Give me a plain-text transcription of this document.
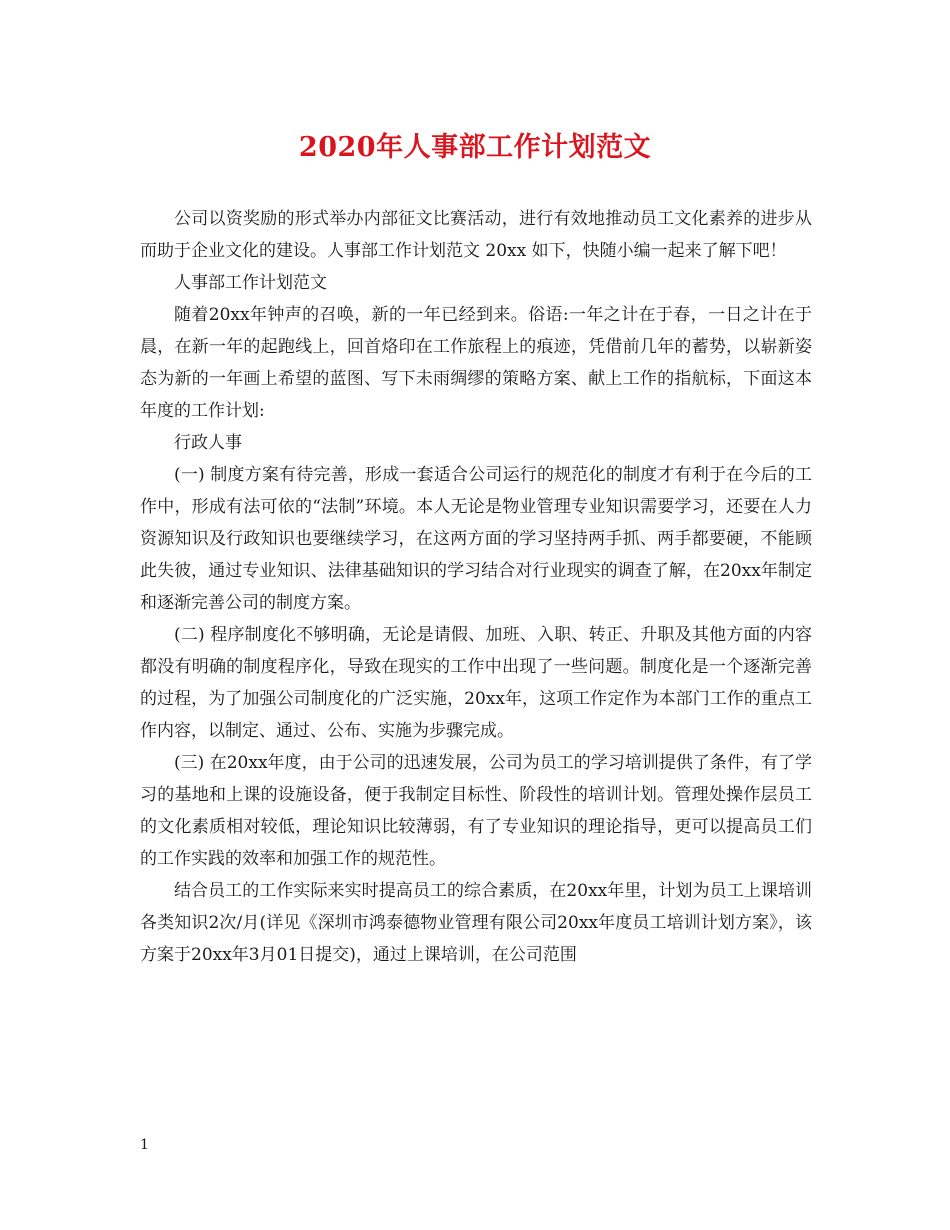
2020年人事部工作计划范文

公司以资奖励的形式举办内部征文比赛活动，进行有效地推动员工文化素养的进步从而助于企业文化的建设。人事部工作计划范文 20xx 如下，快随小编一起来了解下吧！

人事部工作计划范文

随着20xx年钟声的召唤，新的一年已经到来。俗语:一年之计在于春，一日之计在于晨，在新一年的起跑线上，回首烙印在工作旅程上的痕迹，凭借前几年的蓄势，以崭新姿态为新的一年画上希望的蓝图、写下未雨绸缪的策略方案、献上工作的指航标，下面这本年度的工作计划:

行政人事

(一) 制度方案有待完善，形成一套适合公司运行的规范化的制度才有利于在今后的工作中，形成有法可依的“法制”环境。本人无论是物业管理专业知识需要学习，还要在人力资源知识及行政知识也要继续学习，在这两方面的学习坚持两手抓、两手都要硬，不能顾此失彼，通过专业知识、法律基础知识的学习结合对行业现实的调查了解，在20xx年制定和逐渐完善公司的制度方案。

(二) 程序制度化不够明确，无论是请假、加班、入职、转正、升职及其他方面的内容都没有明确的制度程序化，导致在现实的工作中出现了一些问题。制度化是一个逐渐完善的过程，为了加强公司制度化的广泛实施，20xx年，这项工作定作为本部门工作的重点工作内容，以制定、通过、公布、实施为步骤完成。

(三) 在20xx年度，由于公司的迅速发展，公司为员工的学习培训提供了条件，有了学习的基地和上课的设施设备，便于我制定目标性、阶段性的培训计划。管理处操作层员工的文化素质相对较低，理论知识比较薄弱，有了专业知识的理论指导，更可以提高员工们的工作实践的效率和加强工作的规范性。

结合员工的工作实际来实时提高员工的综合素质，在20xx年里，计划为员工上课培训各类知识2次/月(详见《深圳市鸿泰德物业管理有限公司20xx年度员工培训计划方案》，该方案于20xx年3月01日提交)，通过上课培训，在公司范围

1
